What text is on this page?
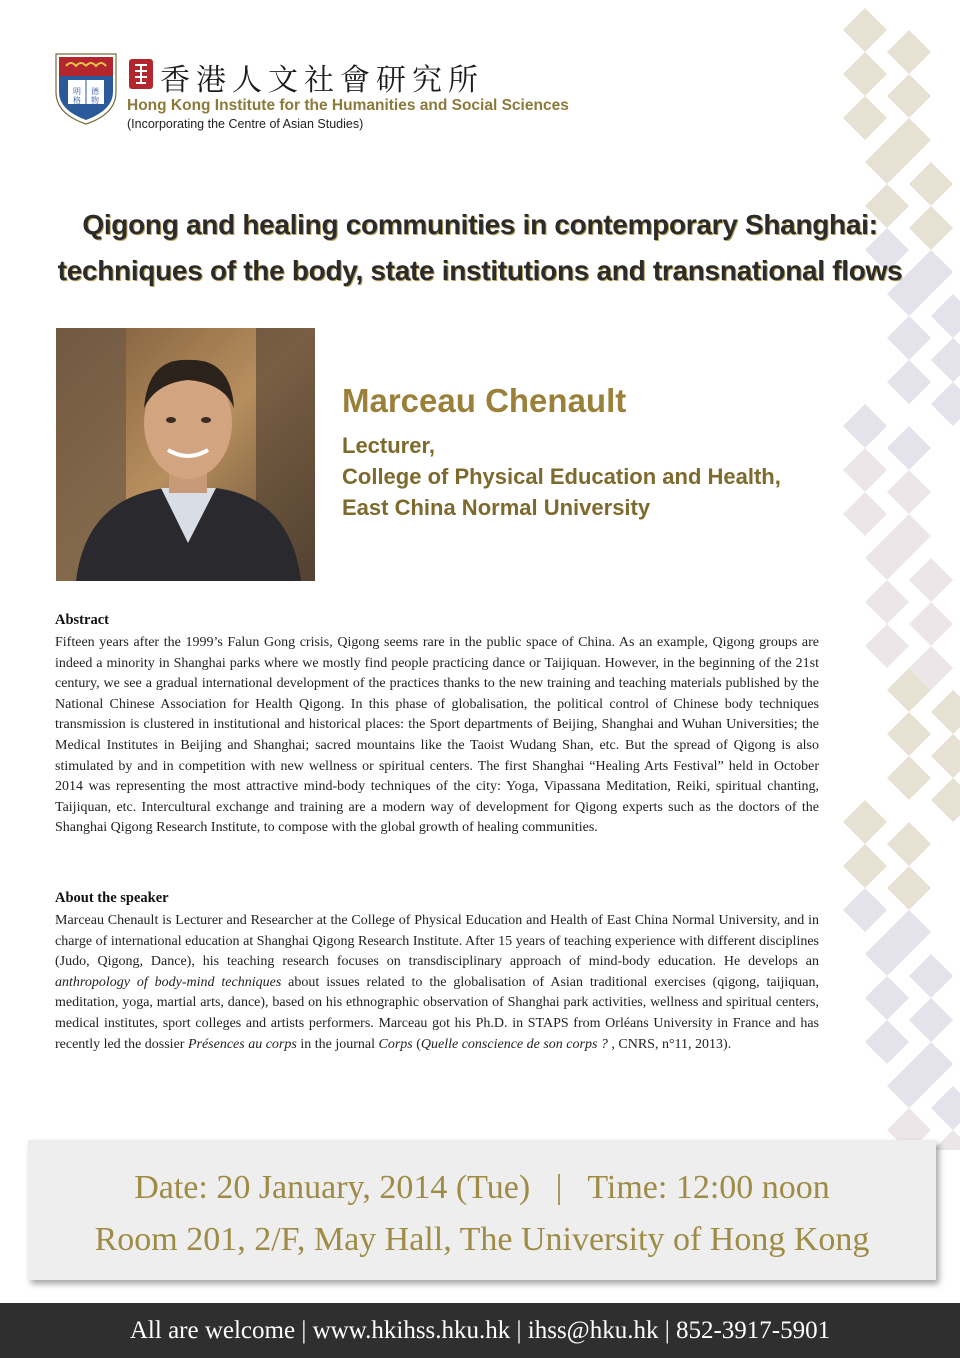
明 德
格 物
香港人文社會研究所
Hong Kong Institute for the Humanities and Social Sciences
(Incorporating the Centre of Asian Studies)
Qigong and healing communities in contemporary Shanghai:
techniques of the body, state institutions and transnational flows
Marceau Chenault
Lecturer,
College of Physical Education and Health,
East China Normal University
Abstract
Fifteen years after the 1999’s Falun Gong crisis, Qigong seems rare in the public space of China. As an example, Qigong groups are indeed a minority in Shanghai parks where we mostly find people practicing dance or Taijiquan. However, in the beginning of the 21st century, we see a gradual international development of the practices thanks to the new training and teaching materials published by the National Chinese Association for Health Qigong. In this phase of globalisation, the political control of Chinese body techniques transmission is clustered in institutional and historical places: the Sport departments of Beijing, Shanghai and Wuhan Universities; the Medical Institutes in Beijing and Shanghai; sacred mountains like the Taoist Wudang Shan, etc. But the spread of Qigong is also stimulated by and in competition with new wellness or spiritual centers. The first Shanghai “Healing Arts Festival” held in October 2014 was representing the most attractive mind-body techniques of the city: Yoga, Vipassana Meditation, Reiki, spiritual chanting, Taijiquan, etc. Intercultural exchange and training are a modern way of development for Qigong experts such as the doctors of the Shanghai Qigong Research Institute, to compose with the global growth of healing communities.
About the speaker
Marceau Chenault is Lecturer and Researcher at the College of Physical Education and Health of East China Normal University, and in charge of international education at Shanghai Qigong Research Institute. After 15 years of teaching experience with different disciplines (Judo, Qigong, Dance), his teaching research focuses on transdisciplinary approach of mind-body education. He develops an anthropology of body-mind techniques about issues related to the globalisation of Asian traditional exercises (qigong, taijiquan, meditation, yoga, martial arts, dance), based on his ethnographic observation of Shanghai park activities, wellness and spiritual centers, medical institutes, sport colleges and artists performers. Marceau got his Ph.D. in STAPS from Orléans University in France and has recently led the dossier Présences au corps in the journal Corps (Quelle conscience de son corps ? , CNRS, n°11, 2013).
Date: 20 January, 2014 (Tue)   |   Time: 12:00 noon
Room 201, 2/F, May Hall, The University of Hong Kong
All are welcome | www.hkihss.hku.hk | ihss@hku.hk | 852-3917-5901
